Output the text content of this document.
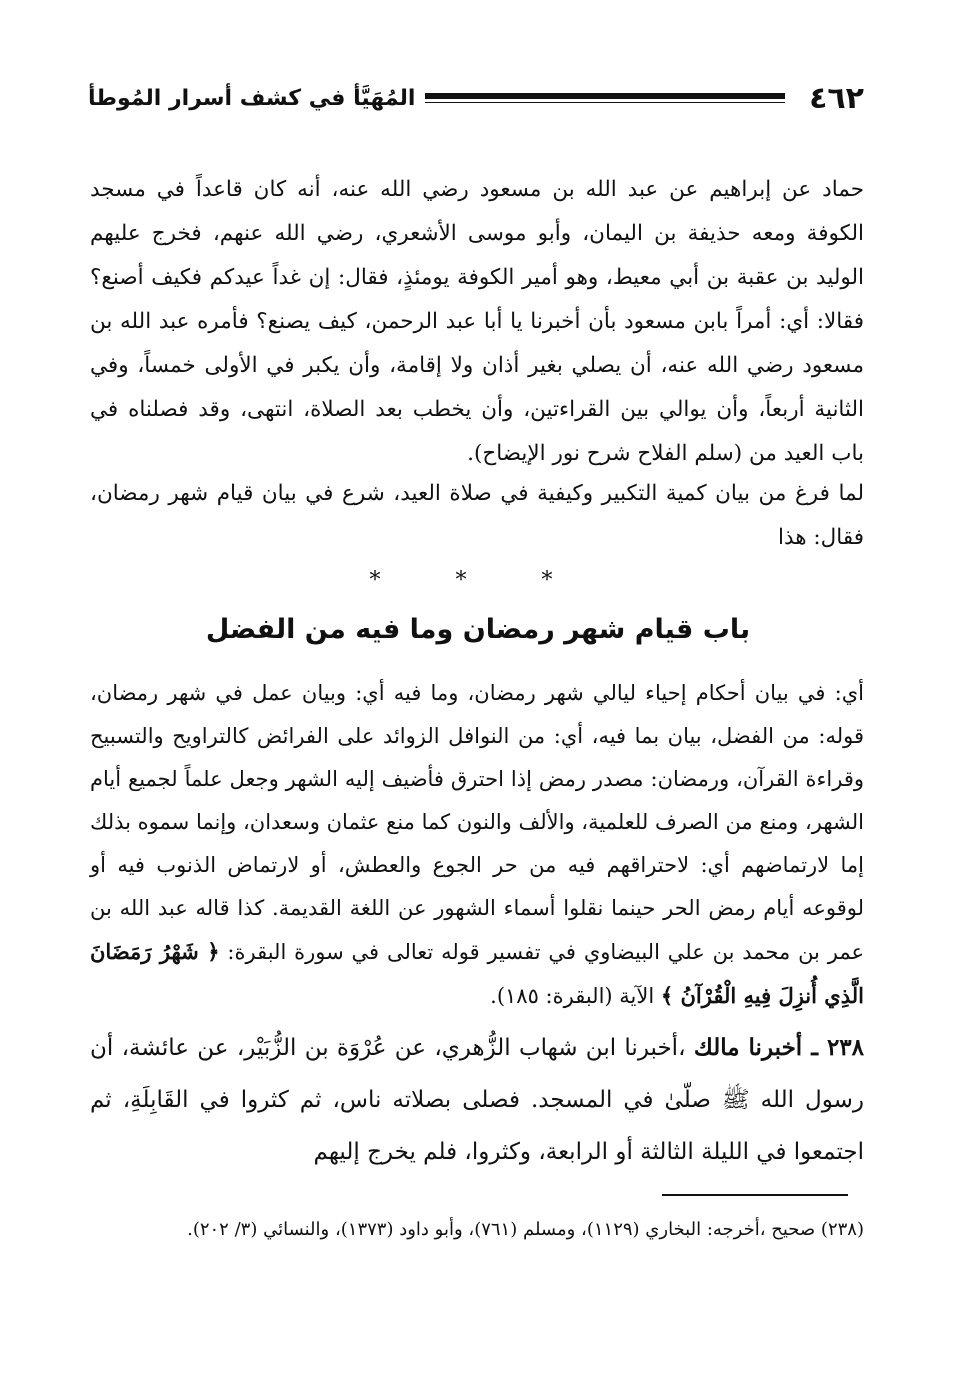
٤٦٢
المُهَيَّأ في كشف أسرار المُوطأ

حماد عن إبراهيم عن عبد الله بن مسعود رضي الله عنه، أنه كان قاعداً في مسجد الكوفة ومعه حذيفة بن اليمان، وأبو موسى الأشعري، رضي الله عنهم، فخرج عليهم الوليد بن عقبة بن أبي معيط، وهو أمير الكوفة يومئذٍ، فقال: إن غداً عيدكم فكيف أصنع؟ فقالا: أي: أمراً بابن مسعود بأن أخبرنا يا أبا عبد الرحمن، كيف يصنع؟ فأمره عبد الله بن مسعود رضي الله عنه، أن يصلي بغير أذان ولا إقامة، وأن يكبر في الأولى خمساً، وفي الثانية أربعاً، وأن يوالي بين القراءتين، وأن يخطب بعد الصلاة، انتهى، وقد فصلناه في باب العيد من (سلم الفلاح شرح نور الإيضاح).

لما فرغ من بيان كمية التكبير وكيفية في صلاة العيد، شرع في بيان قيام شهر رمضان، فقال: هذا

* * *
باب قيام شهر رمضان وما فيه من الفضل

أي: في بيان أحكام إحياء ليالي شهر رمضان، وما فيه أي: وبيان عمل في شهر رمضان، قوله: من الفضل، بيان بما فيه، أي: من النوافل الزوائد على الفرائض كالتراويح والتسبيح وقراءة القرآن، ورمضان: مصدر رمض إذا احترق فأضيف إليه الشهر وجعل علماً لجميع أيام الشهر، ومنع من الصرف للعلمية، والألف والنون كما منع عثمان وسعدان، وإنما سموه بذلك إما لارتماضهم أي: لاحتراقهم فيه من حر الجوع والعطش، أو لارتماض الذنوب فيه أو لوقوعه أيام رمض الحر حينما نقلوا أسماء الشهور عن اللغة القديمة. كذا قاله عبد الله بن عمر بن محمد بن علي البيضاوي في تفسير قوله تعالى في سورة البقرة: ﴿ شَهْرُ رَمَضَانَ الَّذِي أُنزِلَ فِيهِ الْقُرْآنُ ﴾ الآية (البقرة: ١٨٥).

٢٣٨ ـ أخبرنا مالك ،أخبرنا ابن شهاب الزُّهري، عن عُرْوَة بن الزُّبَيْر، عن عائشة، أن رسول الله ﷺ صلّىٰ في المسجد. فصلى بصلاته ناس، ثم كثروا في القَابِلَةِ، ثم اجتمعوا في الليلة الثالثة أو الرابعة، وكثروا، فلم يخرج إليهم

(٢٣٨) صحيح ،أخرجه: البخاري (١١٢٩)، ومسلم (٧٦١)، وأبو داود (١٣٧٣)، والنسائي (٣/ ٢٠٢).
